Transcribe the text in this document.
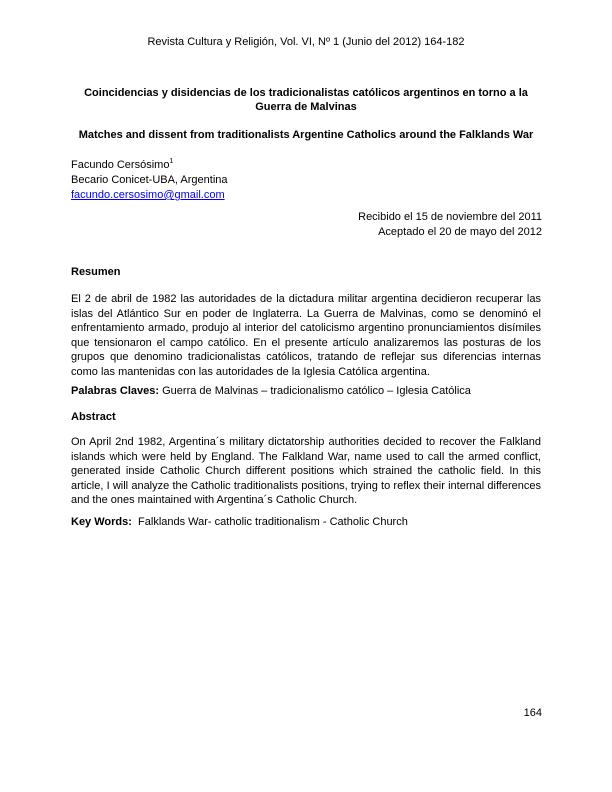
Revista Cultura y Religión, Vol. VI, Nº 1 (Junio del 2012) 164-182
Coincidencias y disidencias de los tradicionalistas católicos argentinos en torno a la Guerra de Malvinas
Matches and dissent from traditionalists Argentine Catholics around the Falklands War
Facundo Cersósimo$^1$
Becario Conicet-UBA, Argentina
facundo.cersosimo@gmail.com
Recibido el 15 de noviembre del 2011
Aceptado el 20 de mayo del 2012
Resumen
El 2 de abril de 1982 las autoridades de la dictadura militar argentina decidieron recuperar las islas del Atlántico Sur en poder de Inglaterra. La Guerra de Malvinas, como se denominó el enfrentamiento armado, produjo al interior del catolicismo argentino pronunciamientos disímiles que tensionaron el campo católico. En el presente artículo analizaremos las posturas de los grupos que denomino tradicionalistas católicos, tratando de reflejar sus diferencias internas como las mantenidas con las autoridades de la Iglesia Católica argentina.
Palabras Claves: Guerra de Malvinas – tradicionalismo católico – Iglesia Católica
Abstract
On April 2nd 1982, Argentina´s military dictatorship authorities decided to recover the Falkland islands which were held by England. The Falkland War, name used to call the armed conflict, generated inside Catholic Church different positions which strained the catholic field. In this article, I will analyze the Catholic traditionalists positions, trying to reflex their internal differences and the ones maintained with Argentina´s Catholic Church.
Key Words: Falklands War- catholic traditionalism - Catholic Church
164
